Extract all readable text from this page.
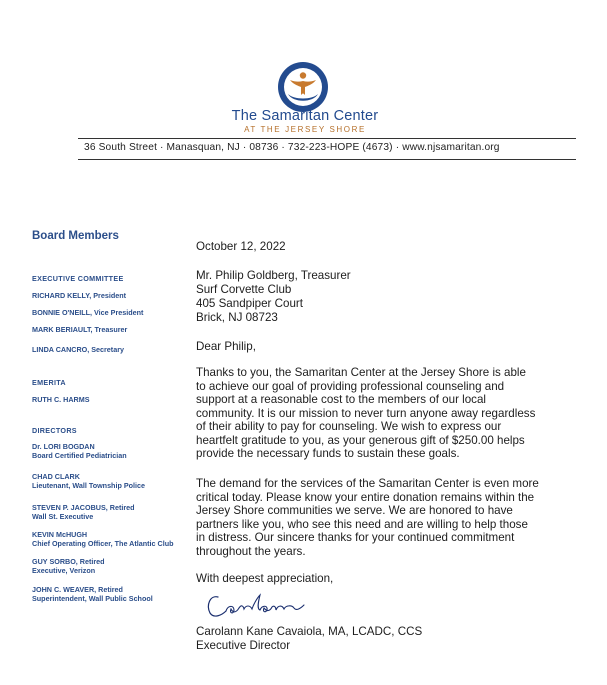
The Samaritan Center
AT THE JERSEY SHORE
36 South Street · Manasquan, NJ · 08736 · 732-223-HOPE (4673) · www.njsamaritan.org
Board Members
EXECUTIVE COMMITTEE
RICHARD KELLY, President
BONNIE O'NEILL, Vice President
MARK BERIAULT, Treasurer
LINDA CANCRO, Secretary
EMERITA
RUTH C. HARMS
DIRECTORS
Dr. LORI BOGDAN
Board Certified Pediatrician
CHAD CLARK
Lieutenant, Wall Township Police
STEVEN P. JACOBUS, Retired
Wall St. Executive
KEVIN McHUGH
Chief Operating Officer, The Atlantic Club
GUY SORBO, Retired
Executive, Verizon
JOHN C. WEAVER, Retired
Superintendent, Wall Public School
October 12, 2022
Mr. Philip Goldberg, Treasurer
Surf Corvette Club
405 Sandpiper Court
Brick, NJ 08723
Dear Philip,
Thanks to you, the Samaritan Center at the Jersey Shore is able
to achieve our goal of providing professional counseling and
support at a reasonable cost to the members of our local
community. It is our mission to never turn anyone away regardless
of their ability to pay for counseling. We wish to express our
heartfelt gratitude to you, as your generous gift of $250.00 helps
provide the necessary funds to sustain these goals.
The demand for the services of the Samaritan Center is even more
critical today. Please know your entire donation remains within the
Jersey Shore communities we serve. We are honored to have
partners like you, who see this need and are willing to help those
in distress. Our sincere thanks for your continued commitment
throughout the years.
With deepest appreciation,
Carolann Kane Cavaiola, MA, LCADC, CCS
Executive Director
